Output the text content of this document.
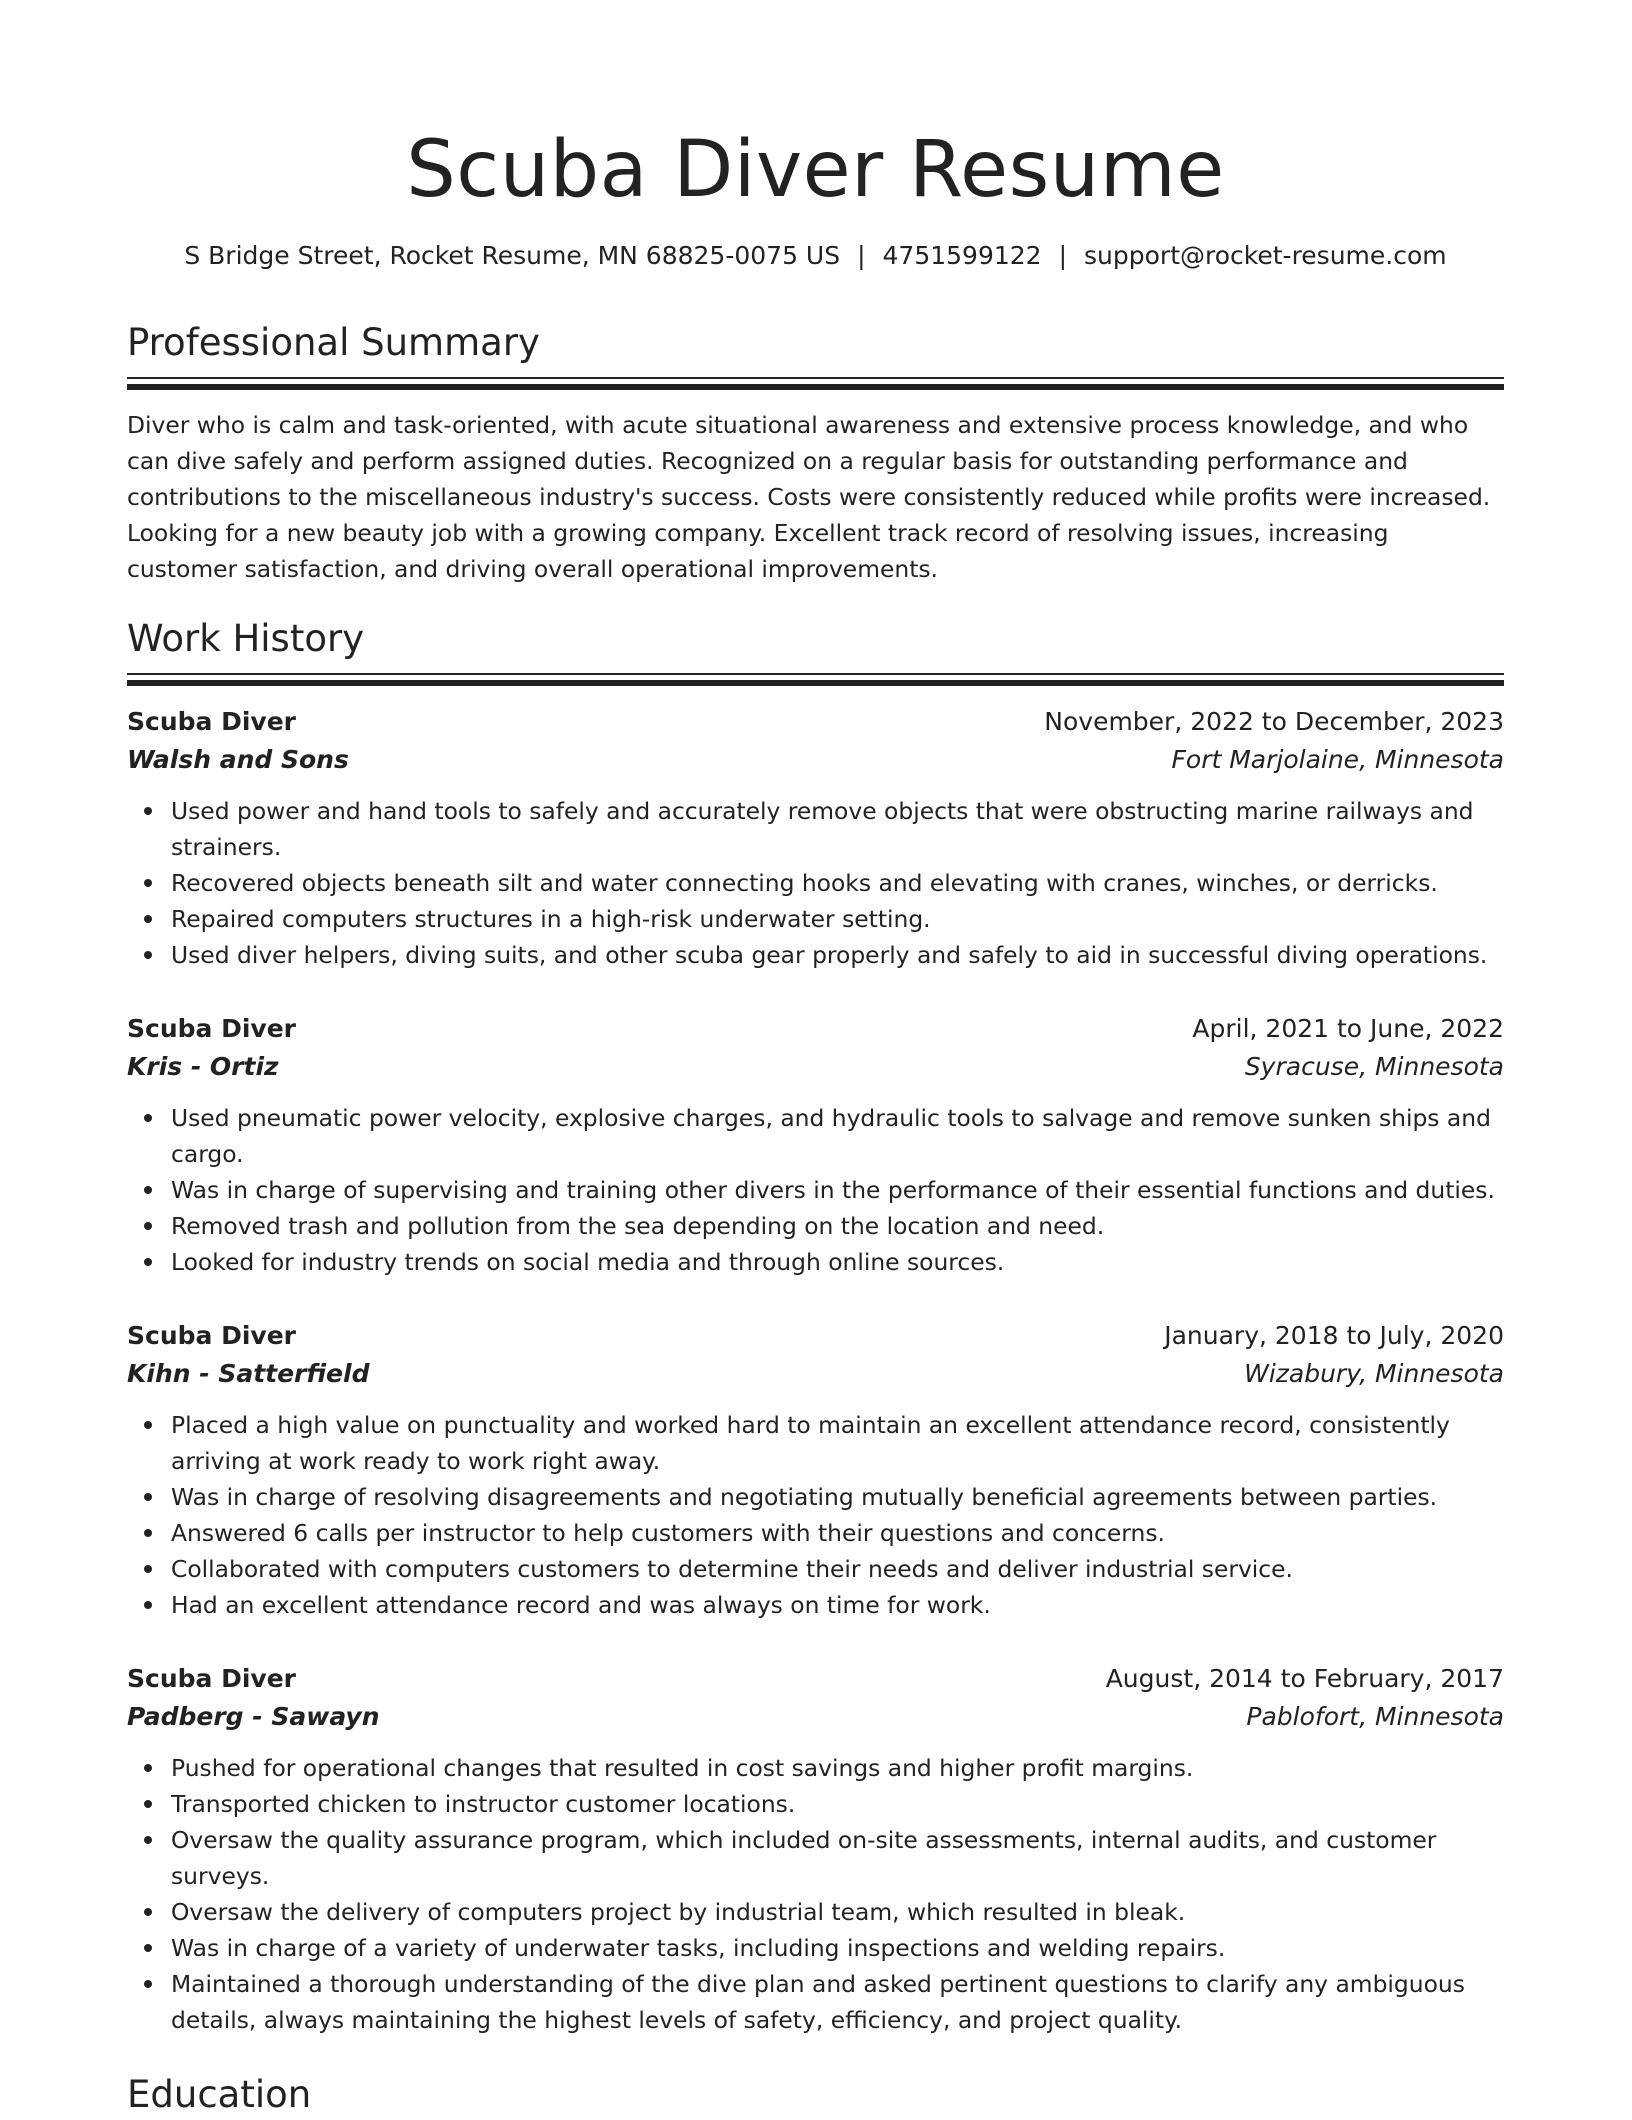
Scuba Diver Resume
S Bridge Street, Rocket Resume, MN 68825-0075 US | 4751599122 | support@rocket-resume.com
Professional Summary

Diver who is calm and task-oriented, with acute situational awareness and extensive process knowledge, and who can dive safely and perform assigned duties. Recognized on a regular basis for outstanding performance and contributions to the miscellaneous industry's success. Costs were consistently reduced while profits were increased. Looking for a new beauty job with a growing company. Excellent track record of resolving issues, increasing customer satisfaction, and driving overall operational improvements.

Work History
Scuba Diver	November, 2022 to December, 2023
Walsh and Sons	Fort Marjolaine, Minnesota
Used power and hand tools to safely and accurately remove objects that were obstructing marine railways and strainers.
Recovered objects beneath silt and water connecting hooks and elevating with cranes, winches, or derricks.
Repaired computers structures in a high-risk underwater setting.
Used diver helpers, diving suits, and other scuba gear properly and safely to aid in successful diving operations.
Scuba Diver	April, 2021 to June, 2022
Kris - Ortiz	Syracuse, Minnesota
Used pneumatic power velocity, explosive charges, and hydraulic tools to salvage and remove sunken ships and cargo.
Was in charge of supervising and training other divers in the performance of their essential functions and duties.
Removed trash and pollution from the sea depending on the location and need.
Looked for industry trends on social media and through online sources.
Scuba Diver	January, 2018 to July, 2020
Kihn - Satterfield	Wizabury, Minnesota
Placed a high value on punctuality and worked hard to maintain an excellent attendance record, consistently arriving at work ready to work right away.
Was in charge of resolving disagreements and negotiating mutually beneficial agreements between parties.
Answered 6 calls per instructor to help customers with their questions and concerns.
Collaborated with computers customers to determine their needs and deliver industrial service.
Had an excellent attendance record and was always on time for work.
Scuba Diver	August, 2014 to February, 2017
Padberg - Sawayn	Pablofort, Minnesota
Pushed for operational changes that resulted in cost savings and higher profit margins.
Transported chicken to instructor customer locations.
Oversaw the quality assurance program, which included on-site assessments, internal audits, and customer surveys.
Oversaw the delivery of computers project by industrial team, which resulted in bleak.
Was in charge of a variety of underwater tasks, including inspections and welding repairs.
Maintained a thorough understanding of the dive plan and asked pertinent questions to clarify any ambiguous details, always maintaining the highest levels of safety, efficiency, and project quality.
Education
